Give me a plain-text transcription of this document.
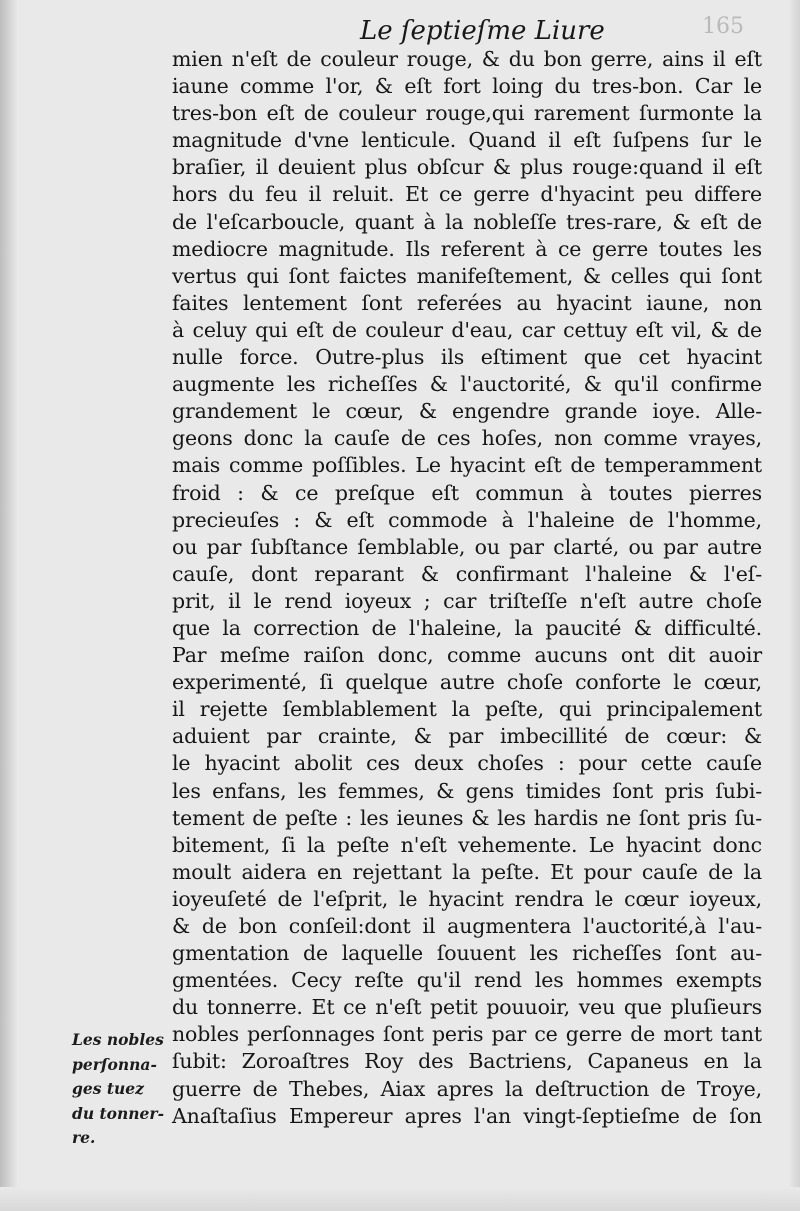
Le ſeptieſme Liure	165
mien n'eſt de couleur rouge, & du bon gerre, ains il eſt
iaune comme l'or, & eſt fort loing du tres-bon. Car le
tres-bon eſt de couleur rouge,qui rarement ſurmonte la
magnitude d'vne lenticule. Quand il eſt ſuſpens ſur le
braſier, il deuient plus obſcur & plus rouge:quand il eſt
hors du feu il reluit. Et ce gerre d'hyacint peu differe
de l'eſcarboucle, quant à la nobleſſe tres-rare, & eſt de
mediocre magnitude. Ils referent à ce gerre toutes les
vertus qui ſont faictes manifeſtement, & celles qui ſont
faites lentement ſont referées au hyacint iaune, non
à celuy qui eſt de couleur d'eau, car cettuy eſt vil, & de
nulle force. Outre-plus ils eſtiment que cet hyacint
augmente les richeſſes & l'auctorité, & qu'il confirme
grandement le cœur, & engendre grande ioye. Alle-
geons donc la cauſe de ces hoſes, non comme vrayes,
mais comme poſſibles. Le hyacint eſt de temperamment
froid : & ce preſque eſt commun à toutes pierres
precieuſes : & eſt commode à l'haleine de l'homme,
ou par ſubſtance ſemblable, ou par clarté, ou par autre
cauſe, dont reparant & confirmant l'haleine & l'eſ-
prit, il le rend ioyeux ; car triſteſſe n'eſt autre choſe
que la correction de l'haleine, la paucité & difficulté.
Par meſme raiſon donc, comme aucuns ont dit auoir
experimenté, ſi quelque autre choſe conforte le cœur,
il rejette ſemblablement la peſte, qui principalement
aduient par crainte, & par imbecillité de cœur: &
le hyacint abolit ces deux choſes : pour cette cauſe
les enfans, les femmes, & gens timides ſont pris ſubi-
tement de peſte : les ieunes & les hardis ne ſont pris ſu-
bitement, ſi la peſte n'eſt vehemente. Le hyacint donc
moult aidera en rejettant la peſte. Et pour cauſe de la
ioyeuſeté de l'eſprit, le hyacint rendra le cœur ioyeux,
& de bon conſeil:dont il augmentera l'auctorité,à l'au-
gmentation de laquelle ſouuent les richeſſes ſont au-
gmentées. Cecy reſte qu'il rend les hommes exempts
du tonnerre. Et ce n'eſt petit pouuoir, veu que pluſieurs
nobles perſonnages ſont peris par ce gerre de mort tant
ſubit: Zoroaſtres Roy des Bactriens, Capaneus en la
guerre de Thebes, Aiax apres la deſtruction de Troye,
Anaſtaſius Empereur apres l'an vingt-ſeptieſme de ſon
Les nobles
perſonna-
ges tuez
du tonner-
re.
